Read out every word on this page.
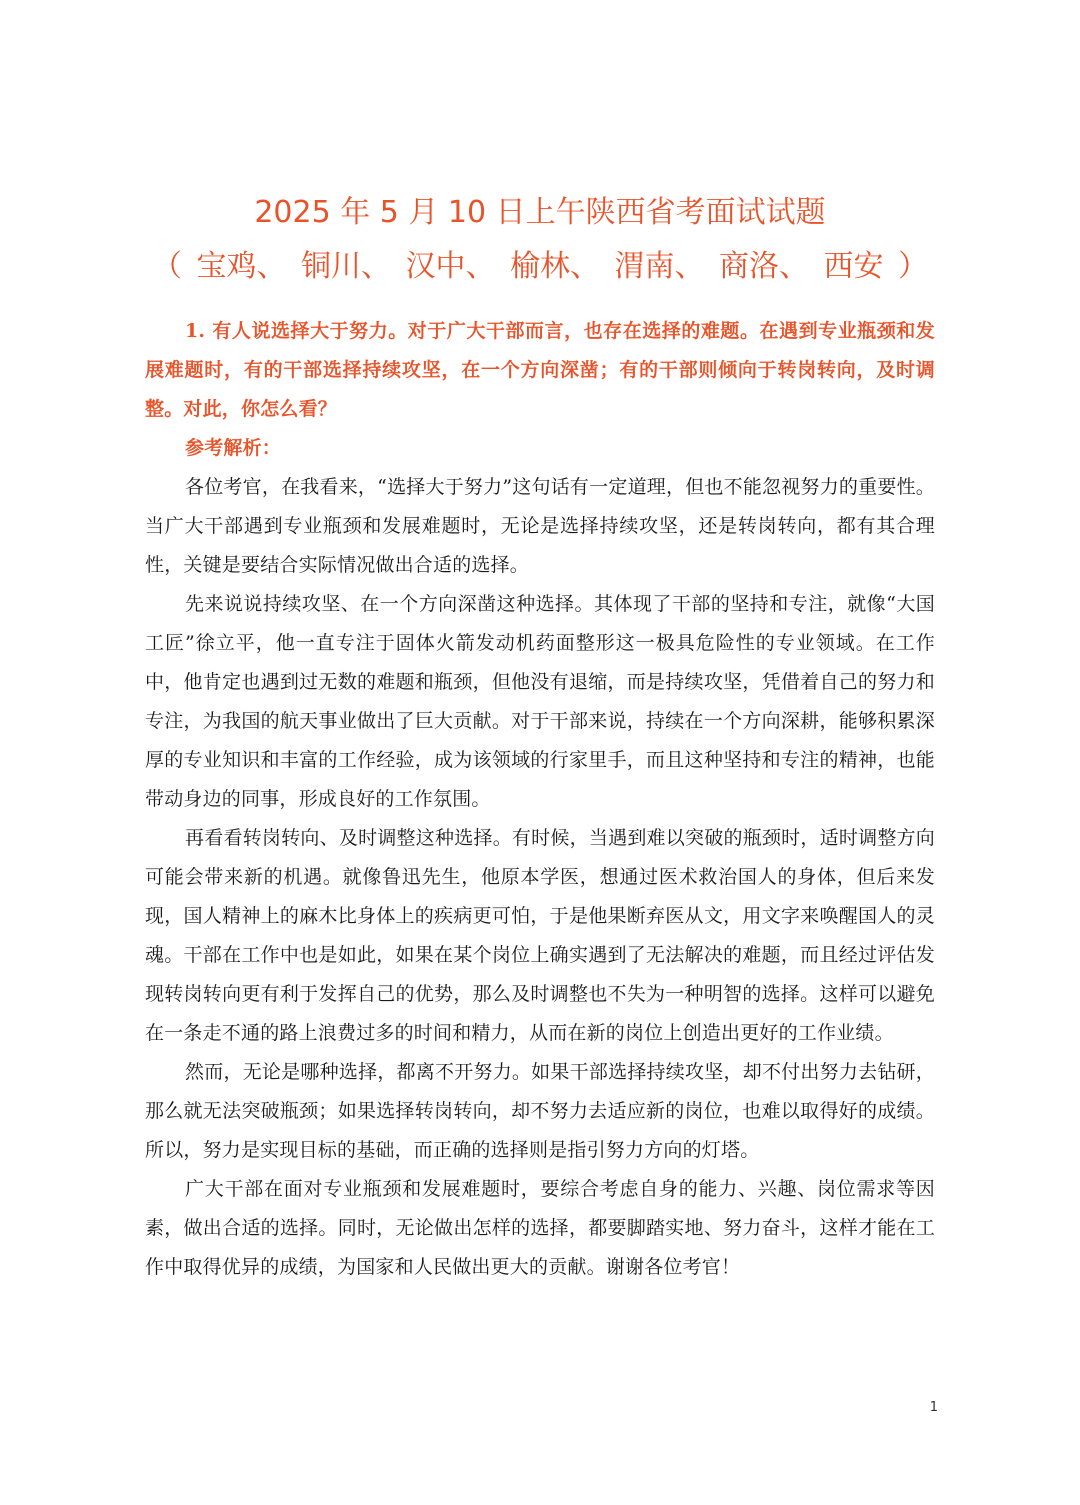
2025 年 5 月 10 日上午陕西省考面试试题
（ 宝鸡、 铜川、 汉中、 榆林、 渭南、 商洛、 西安 ）

1. 有人说选择大于努力。对于广大干部而言，也存在选择的难题。在遇到专业瓶颈和发展难题时，有的干部选择持续攻坚，在一个方向深凿；有的干部则倾向于转岗转向，及时调整。对此，你怎么看？

参考解析：

各位考官，在我看来，“选择大于努力”这句话有一定道理，但也不能忽视努力的重要性。当广大干部遇到专业瓶颈和发展难题时，无论是选择持续攻坚，还是转岗转向，都有其合理性，关键是要结合实际情况做出合适的选择。

先来说说持续攻坚、在一个方向深凿这种选择。其体现了干部的坚持和专注，就像“大国工匠”徐立平，他一直专注于固体火箭发动机药面整形这一极具危险性的专业领域。在工作中，他肯定也遇到过无数的难题和瓶颈，但他没有退缩，而是持续攻坚，凭借着自己的努力和专注，为我国的航天事业做出了巨大贡献。对于干部来说，持续在一个方向深耕，能够积累深厚的专业知识和丰富的工作经验，成为该领域的行家里手，而且这种坚持和专注的精神，也能带动身边的同事，形成良好的工作氛围。

再看看转岗转向、及时调整这种选择。有时候，当遇到难以突破的瓶颈时，适时调整方向可能会带来新的机遇。就像鲁迅先生，他原本学医，想通过医术救治国人的身体，但后来发现，国人精神上的麻木比身体上的疾病更可怕，于是他果断弃医从文，用文字来唤醒国人的灵魂。干部在工作中也是如此，如果在某个岗位上确实遇到了无法解决的难题，而且经过评估发现转岗转向更有利于发挥自己的优势，那么及时调整也不失为一种明智的选择。这样可以避免在一条走不通的路上浪费过多的时间和精力，从而在新的岗位上创造出更好的工作业绩。

然而，无论是哪种选择，都离不开努力。如果干部选择持续攻坚，却不付出努力去钻研，那么就无法突破瓶颈；如果选择转岗转向，却不努力去适应新的岗位，也难以取得好的成绩。所以，努力是实现目标的基础，而正确的选择则是指引努力方向的灯塔。

广大干部在面对专业瓶颈和发展难题时，要综合考虑自身的能力、兴趣、岗位需求等因素，做出合适的选择。同时，无论做出怎样的选择，都要脚踏实地、努力奋斗，这样才能在工作中取得优异的成绩，为国家和人民做出更大的贡献。谢谢各位考官！

1
